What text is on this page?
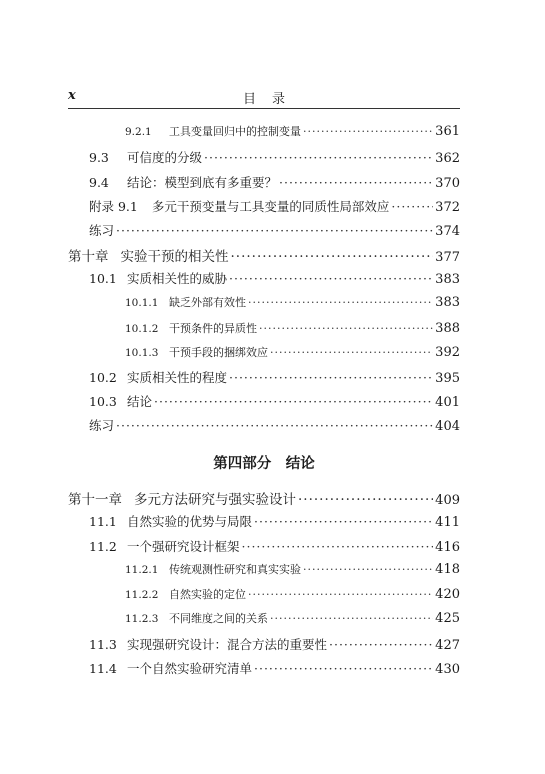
x	目录
9.2.1	工具变量回归中的控制变量 ·····	361
9.3	可信度的分级 ·····	362
9.4	结论：模型到底有多重要？ ·····	370
附录 9.1 多元干预变量与工具变量的同质性局部效应 ·····	372
练习 ·····	374
第十章 实验干预的相关性 ·····	377
10.1 实质相关性的威胁 ·····	383
10.1.1 缺乏外部有效性 ·····	383
10.1.2 干预条件的异质性 ·····	388
10.1.3 干预手段的捆绑效应 ·····	392
10.2 实质相关性的程度 ·····	395
10.3 结论 ·····	401
练习 ·····	404
第四部分　结论
第十一章 多元方法研究与强实验设计 ·····	409
11.1 自然实验的优势与局限 ·····	411
11.2 一个强研究设计框架 ·····	416
11.2.1 传统观测性研究和真实实验 ·····	418
11.2.2 自然实验的定位 ·····	420
11.2.3 不同维度之间的关系 ·····	425
11.3 实现强研究设计：混合方法的重要性 ·····	427
11.4 一个自然实验研究清单 ·····	430
